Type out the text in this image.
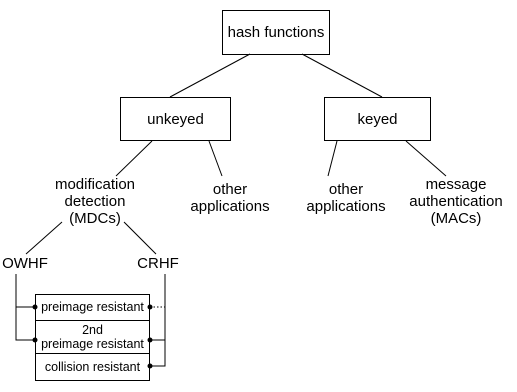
hash functions
unkeyed	keyed
modification
detection
(MDCs)
other
applications
other
applications
message
authentication
(MACs)
OWHF	CRHF
preimage resistant
2nd
preimage resistant
collision resistant
